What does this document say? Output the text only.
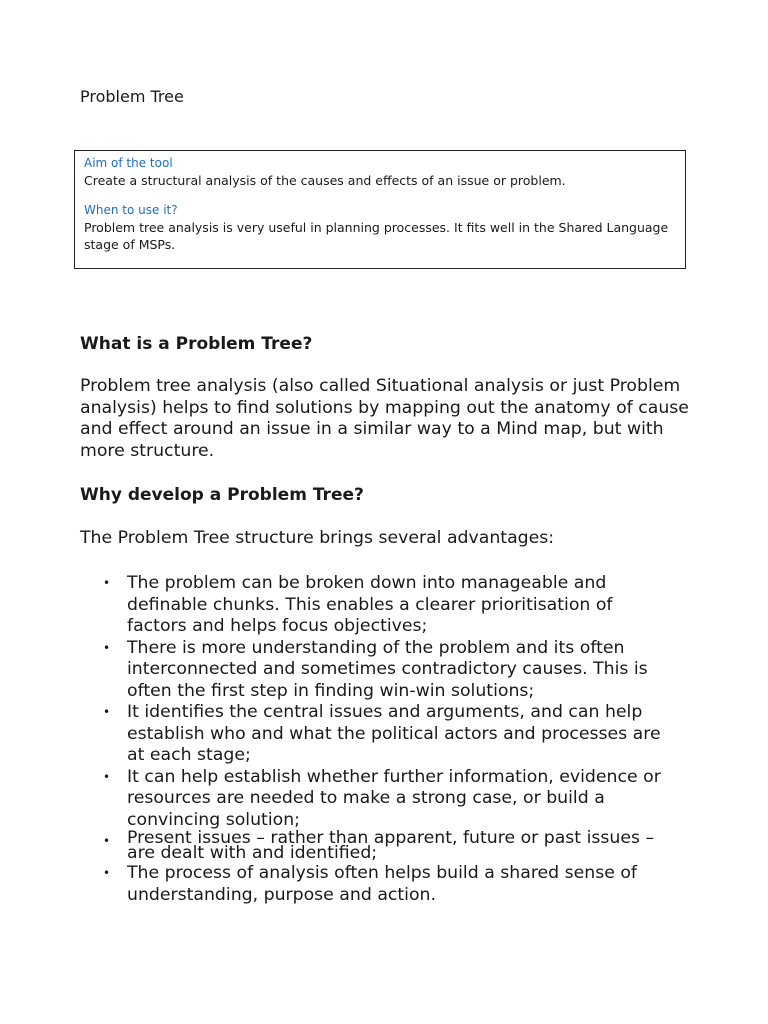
Problem Tree

Aim of the tool

Create a structural analysis of the causes and effects of an issue or problem.

When to use it?

Problem tree analysis is very useful in planning processes. It fits well in the Shared Language stage of MSPs.

What is a Problem Tree?

Problem tree analysis (also called Situational analysis or just Problem analysis) helps to find solutions by mapping out the anatomy of cause and effect around an issue in a similar way to a Mind map, but with more structure.

Why develop a Problem Tree?

The Problem Tree structure brings several advantages:

• The problem can be broken down into manageable and definable chunks. This enables a clearer prioritisation of factors and helps focus objectives;
• There is more understanding of the problem and its often interconnected and sometimes contradictory causes. This is often the first step in finding win-win solutions;
• It identifies the central issues and arguments, and can help establish who and what the political actors and processes are at each stage;
• It can help establish whether further information, evidence or resources are needed to make a strong case, or build a convincing solution;
• Present issues – rather than apparent, future or past issues – are dealt with and identified;
• The process of analysis often helps build a shared sense of understanding, purpose and action.
